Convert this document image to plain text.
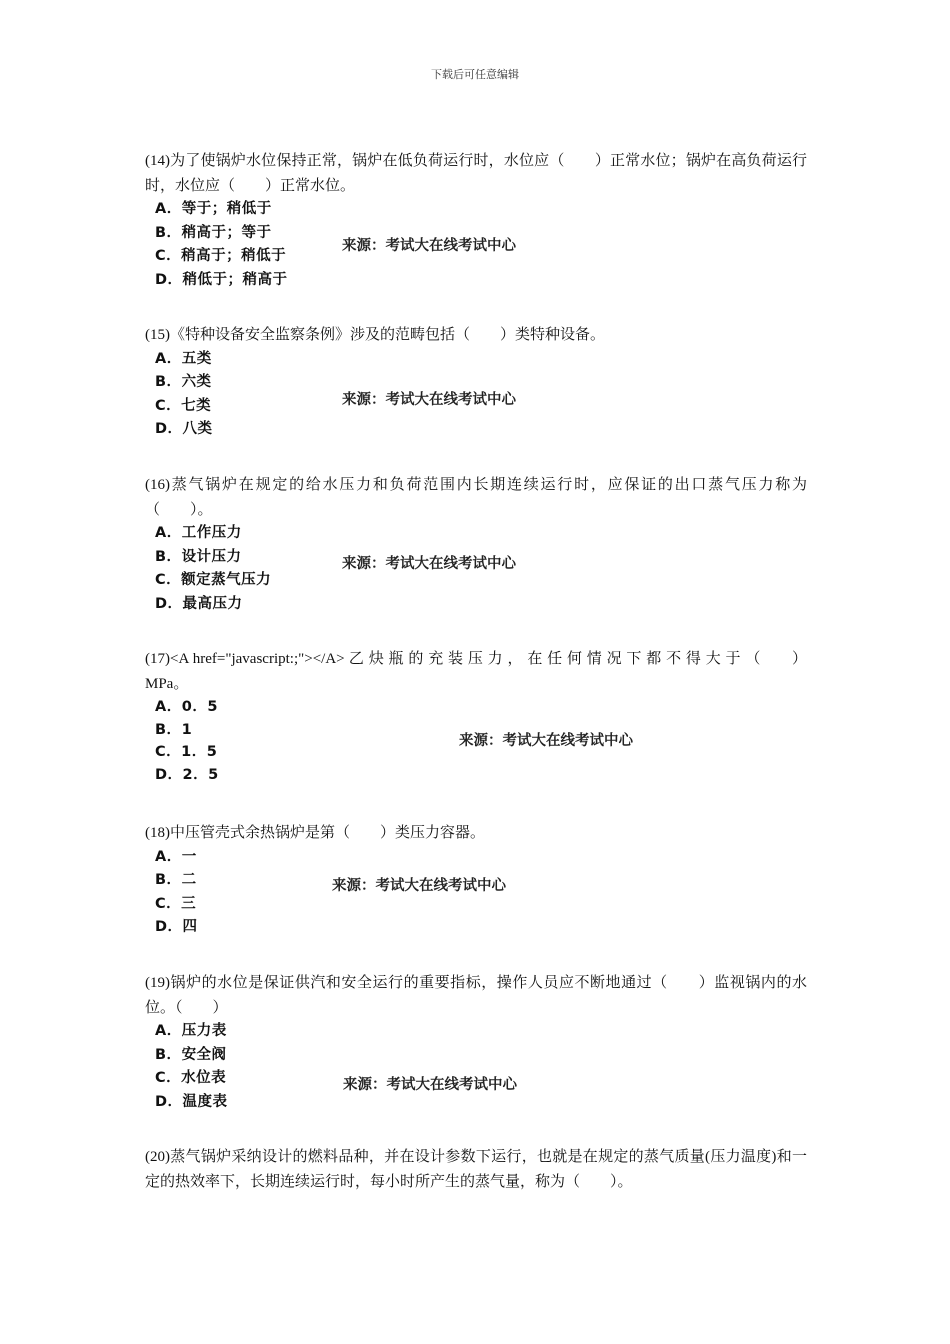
下载后可任意编辑
(14)为了使锅炉水位保持正常，锅炉在低负荷运行时，水位应（　　）正常水位；锅炉在高负荷运行时，水位应（　　）正常水位。
A．等于；稍低于
B．稍高于；等于
C．稍高于；稍低于
D．稍低于；稍高于
来源：考试大在线考试中心
(15)《特种设备安全监察条例》涉及的范畴包括（　　）类特种设备。
A．五类
B．六类
C．七类
D．八类
来源：考试大在线考试中心
(16)蒸气锅炉在规定的给水压力和负荷范围内长期连续运行时，应保证的出口蒸气压力称为（　　）。
A．工作压力
B．设计压力
C．额定蒸气压力
D．最高压力
来源：考试大在线考试中心
(17)<A href="javascript:;"></A> 乙 炔 瓶 的 充 装 压 力 ， 在 任 何 情 况 下 都 不 得 大 于 （　　）MPa。
A．0．5
B．1
C．1．5
D．2．5
来源：考试大在线考试中心
(18)中压管壳式余热锅炉是第（　　）类压力容器。
A．一
B．二
C．三
D．四
来源：考试大在线考试中心
(19)锅炉的水位是保证供汽和安全运行的重要指标，操作人员应不断地通过（　　）监视锅内的水位。（　　）
A．压力表
B．安全阀
C．水位表
D．温度表
来源：考试大在线考试中心
(20)蒸气锅炉采纳设计的燃料品种，并在设计参数下运行，也就是在规定的蒸气质量(压力温度)和一定的热效率下，长期连续运行时，每小时所产生的蒸气量，称为（　　）。
